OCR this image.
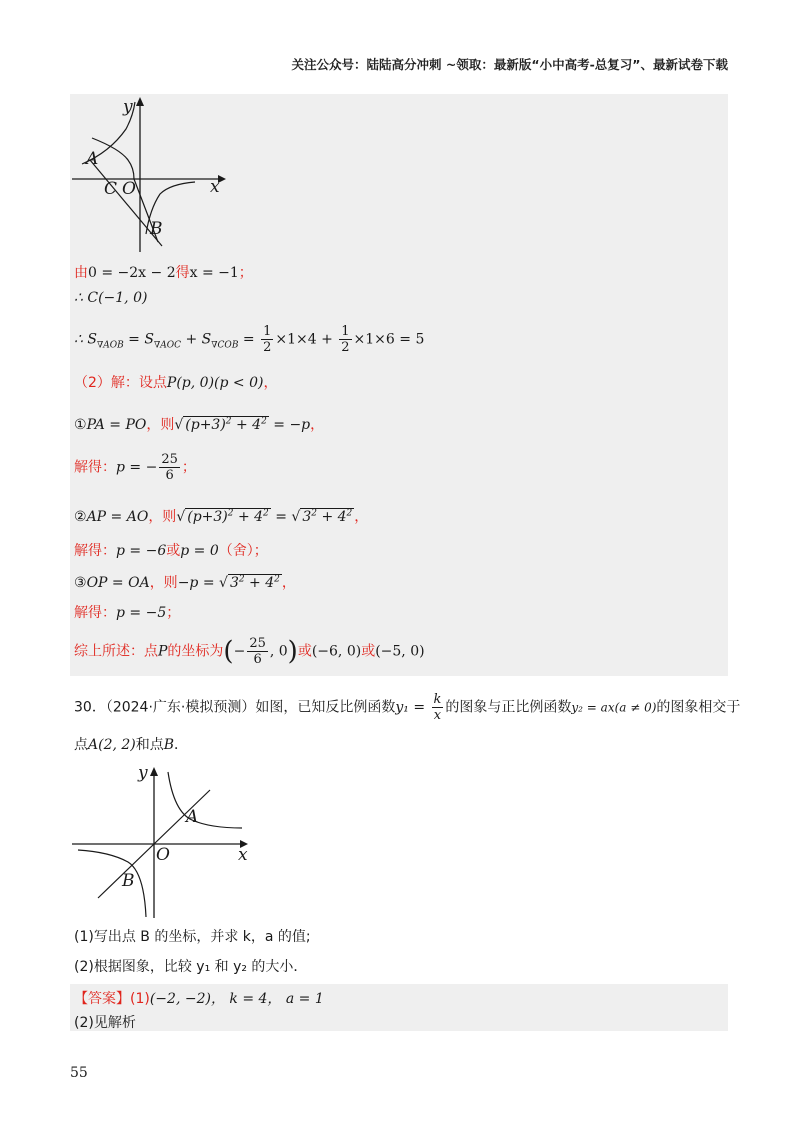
关注公众号：陆陆高分冲刺 ~领取：最新版“小中高考-总复习”、最新试卷下载
y
x
A
C O
B
由0 = −2x − 2得x = −1；
∴ C(−1, 0)
∴ $S_{\nabla AOB} = S_{\nabla AOC} + S_{\nabla COB} = \frac{1}{2} \times 1\times 4 + \frac{1}{2} \times 1\times 6 = 5$
（2）解：设点P(p, 0)(p < 0)，
①PA = PO，则√ $(p+3)^2 + 4^2 = -p$，
解得：p = − $\frac{25}{6}$ ；
②AP = AO，则√ $(p+3)^2 + 4^2$ = √ $3^2 + 4^2$ ，
解得：p = −6或p = 0（舍）；
③OP = OA，则−p = √ $3^2 + 4^2$ ，
解得：p = −5；
综上所述：点P的坐标为(− $\frac{25}{6}$ , 0)或(−6, 0)或(−5, 0)
30．（2024·广东·模拟预测）如图，已知反比例函数$y_1 = \frac{k}{x}$ 的图象与正比例函数y₂ = ax(a ≠ 0)的图象相交于
点A(2, 2)和点B．
y
x
A
O
B
(1)写出点 B 的坐标，并求 k，a 的值;
(2)根据图象，比较 y₁ 和 y₂ 的大小．
【答案】(1)(−2, −2)， k = 4， a = 1
(2)见解析
55
